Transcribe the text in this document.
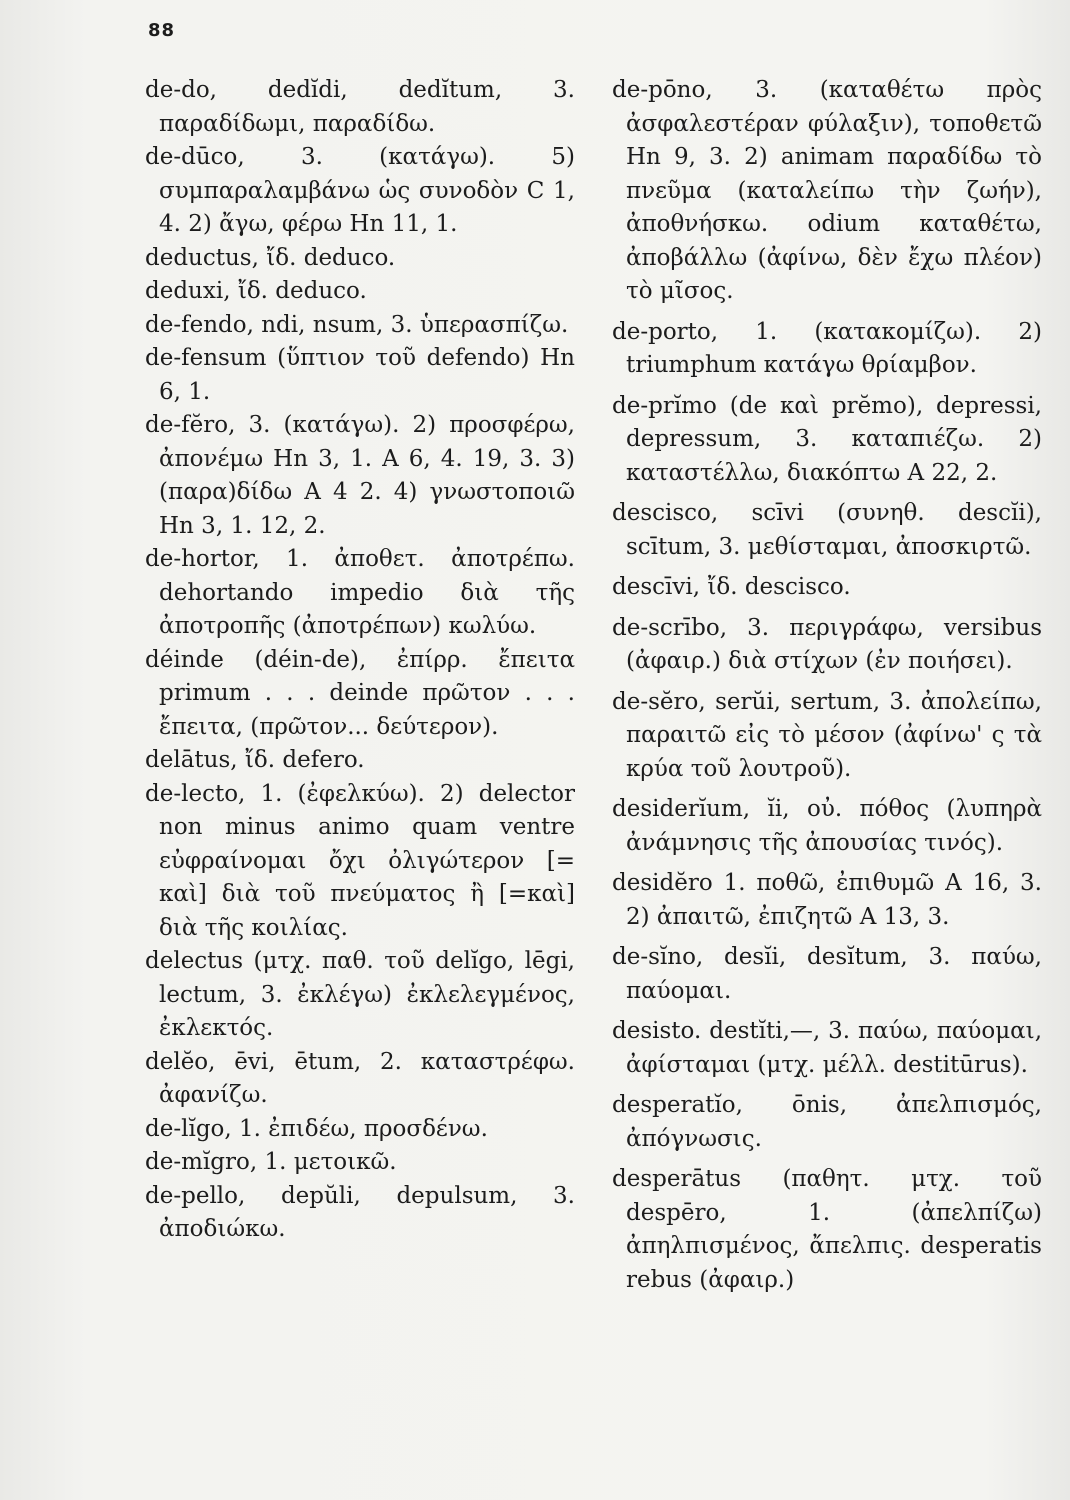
88

de-do, dedĭdi, dedĭtum, 3. παραδίδωμι, παραδίδω.

de-dūco, 3. (κατάγω). 5) συμπαραλαμβάνω ὡς συνοδὸν C 1, 4. 2) ἄγω, φέρω Hn 11, 1.

deductus, ἴδ. deduco.

deduxi, ἴδ. deduco.

de-fendo, ndi, nsum, 3. ὑπερασπίζω.

de-fensum (ὕπτιον τοῦ defendo) Hn 6, 1.

de-fĕro, 3. (κατάγω). 2) προσφέρω, ἀπονέμω Hn 3, 1. A 6, 4. 19, 3. 3) (παρα)δίδω A 4 2. 4) γνωστοποιῶ Hn 3, 1. 12, 2.

de-hortor, 1. ἀποθετ. ἀποτρέπω. dehortando impedio διὰ τῆς ἀποτροπῆς (ἀποτρέπων) κωλύω.

déinde (déin-de), ἐπίρρ. ἔπειτα primum . . . deinde πρῶτον . . . ἔπειτα, (πρῶτον... δεύτερον).

delātus, ἴδ. defero.

de-lecto, 1. (ἐφελκύω). 2) delector non minus animo quam ventre εὐφραίνομαι ὄχι ὀλιγώτερον [= καὶ] διὰ τοῦ πνεύματος ἢ [=καὶ] διὰ τῆς κοιλίας.

delectus (μτχ. παθ. τοῦ delĭgo, lēgi, lectum, 3. ἐκλέγω) ἐκλελεγμένος, ἐκλεκτός.

delĕo, ēvi, ētum, 2. καταστρέφω. ἀφανίζω.

de-lĭgo, 1. ἐπιδέω, προσδένω.

de-mĭgro, 1. μετοικῶ.

de-pello, depŭli, depulsum, 3. ἀποδιώκω.

de-pōno, 3. (καταθέτω πρὸς ἀσφαλεστέραν φύλαξιν), τοποθετῶ Hn 9, 3. 2) animam παραδίδω τὸ πνεῦμα (καταλείπω τὴν ζωήν), ἀποθνήσκω. odium καταθέτω, ἀποβάλλω (ἀφίνω, δὲν ἔχω πλέον) τὸ μῖσος.

de-porto, 1. (κατακομίζω). 2) triumphum κατάγω θρίαμβον.

de-prĭmo (de καὶ prĕmo), depressi, depressum, 3. καταπιέζω. 2) καταστέλλω, διακόπτω A 22, 2.

descisco, scīvi (συνηθ. descĭi), scītum, 3. μεθίσταμαι, ἀποσκιρτῶ.

descīvi, ἴδ. descisco.

de-scrībo, 3. περιγράφω, versibus (ἀφαιρ.) διὰ στίχων (ἐν ποιήσει).

de-sĕro, serŭi, sertum, 3. ἀπολείπω, παραιτῶ εἰς τὸ μέσον (ἀφίνω' ς τὰ κρύα τοῦ λουτροῦ).

desiderĭum, ĭi, οὐ. πόθος (λυπηρὰ ἀνάμνησις τῆς ἀπουσίας τινός).

desidĕro 1. ποθῶ, ἐπιθυμῶ A 16, 3. 2) ἀπαιτῶ, ἐπιζητῶ A 13, 3.

de-sĭno, desĭi, desĭtum, 3. παύω, παύομαι.

desisto. destĭti,—, 3. παύω, παύομαι, ἀφίσταμαι (μτχ. μέλλ. destitūrus).

desperatĭo, ōnis, ἀπελπισμός, ἀπόγνωσις.

desperātus (παθητ. μτχ. τοῦ despēro, 1. (ἀπελπίζω) ἀπηλπισμένος, ἄπελπις. desperatis rebus (ἀφαιρ.)
